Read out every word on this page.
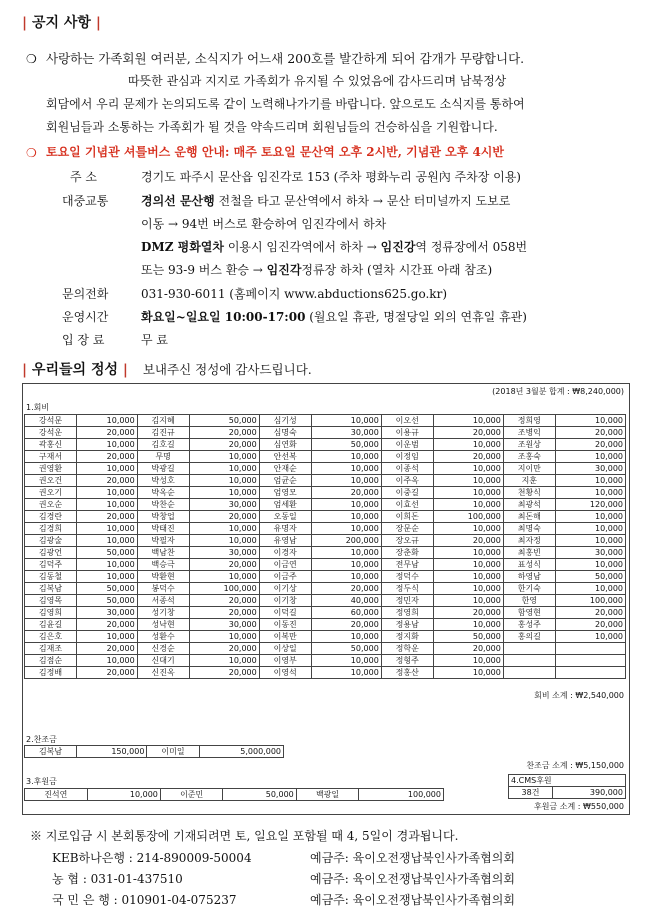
| 공지 사항 |
❍ 사랑하는 가족회원 여러분, 소식지가 어느새 200호를 발간하게 되어 감개가 무량합니다.
따뜻한 관심과 지지로 가족회가 유지될 수 있었음에 감사드리며 남북정상
회담에서 우리 문제가 논의되도록 같이 노력해나가기를 바랍니다. 앞으로도 소식지를 통하여
회원님들과 소통하는 가족회가 될 것을 약속드리며 회원님들의 건승하심을 기원합니다.
❍ 토요일 기념관 셔틀버스 운행 안내: 매주 토요일 문산역 오후 2시반, 기념관 오후 4시반
주 소	경기도 파주시 문산읍 임진각로 153 (주차 평화누리 공원內 주차장 이용)
대중교통	경의선 문산행 전철을 타고 문산역에서 하차 → 문산 터미널까지 도보로
이동 → 94번 버스로 환승하여 임진각에서 하차
DMZ 평화열차 이용시 임진각역에서 하차 → 임진강역 정류장에서 058번
또는 93-9 버스 환승 → 임진각정류장 하차 (열차 시간표 아래 참조)
문의전화	031-930-6011 (홈페이지 www.abductions625.go.kr)
운영시간	화요일~일요일 10:00-17:00 (월요일 휴관, 명절당일 외의 연휴일 휴관)
입 장 료	무 료
| 우리들의 정성 | 보내주신 정성에 감사드립니다.
(2018년 3월분 합계 : ₩8,240,000)
1.회비
강석문	10,000	김지혜	50,000	심기성	10,000	이오선	10,000	정희영	10,000
강석운	20,000	김진규	20,000	심명숙	30,000	이용규	20,000	조병익	20,000
곽홍신	10,000	김호길	20,000	심연화	50,000	이운범	10,000	조원상	20,000
구재서	20,000	무명	10,000	안선복	10,000	이정임	20,000	조홍숙	10,000
권영환	10,000	박광길	10,000	안재순	10,000	이종석	10,000	지이만	30,000
권오건	20,000	박성호	10,000	엄균순	10,000	이주옥	10,000	지훈	10,000
권오기	10,000	박옥순	10,000	엄영모	20,000	이중길	10,000	천황식	10,000
권오순	10,000	박찬순	30,000	엄세환	10,000	이효선	10,000	최광석	120,000
김경란	20,000	박창업	20,000	오동일	10,000	이희돈	100,000	최돈해	10,000
김경희	10,000	박태진	10,000	유명자	10,000	장문순	10,000	최명숙	10,000
김광술	10,000	박필자	10,000	유영남	200,000	장오규	20,000	최자정	10,000
김광언	50,000	백남찬	30,000	이경자	10,000	장춘화	10,000	최홍빈	30,000
김덕주	10,000	백승극	20,000	이금연	10,000	전무남	10,000	표성식	10,000
김동철	10,000	박환현	10,000	이금주	10,000	정덕수	10,000	하영남	50,000
김복남	50,000	봉덕수	100,000	이기상	20,000	정두식	10,000	한기숙	10,000
김영목	50,000	서종석	20,000	이기창	40,000	정민자	10,000	한영	100,000
김영희	30,000	성기창	20,000	이덕길	60,000	정영희	20,000	함영현	20,000
김윤길	20,000	성낙현	30,000	이동진	20,000	정용남	10,000	홍성주	20,000
김은호	10,000	성환수	10,000	이복만	10,000	정지화	50,000	홍의길	10,000
김재조	20,000	신경순	20,000	이상일	50,000	정학운	20,000		
김점순	10,000	신대기	10,000	이영부	10,000	정형주	10,000		
김정배	20,000	신진옥	20,000	이영석	10,000	정홍산	10,000		
회비 소계 : ₩2,540,000
2.찬조금
김복남	150,000	이미일	5,000,000
찬조금 소계 : ₩5,150,000
3.후원금
진석연	10,000	이준민	50,000	백광일	100,000
4.CMS후원
38건	390,000
후원금 소계 : ₩550,000
※ 지로입금 시 본회통장에 기재되려면 토, 일요일 포함될 때 4, 5일이 경과됩니다.
KEB하나은행 : 214-890009-50004	예금주: 육이오전쟁납북인사가족협의회
농 협 : 031-01-437510	예금주: 육이오전쟁납북인사가족협의회
국 민 은 행 : 010901-04-075237	예금주: 육이오전쟁납북인사가족협의회
